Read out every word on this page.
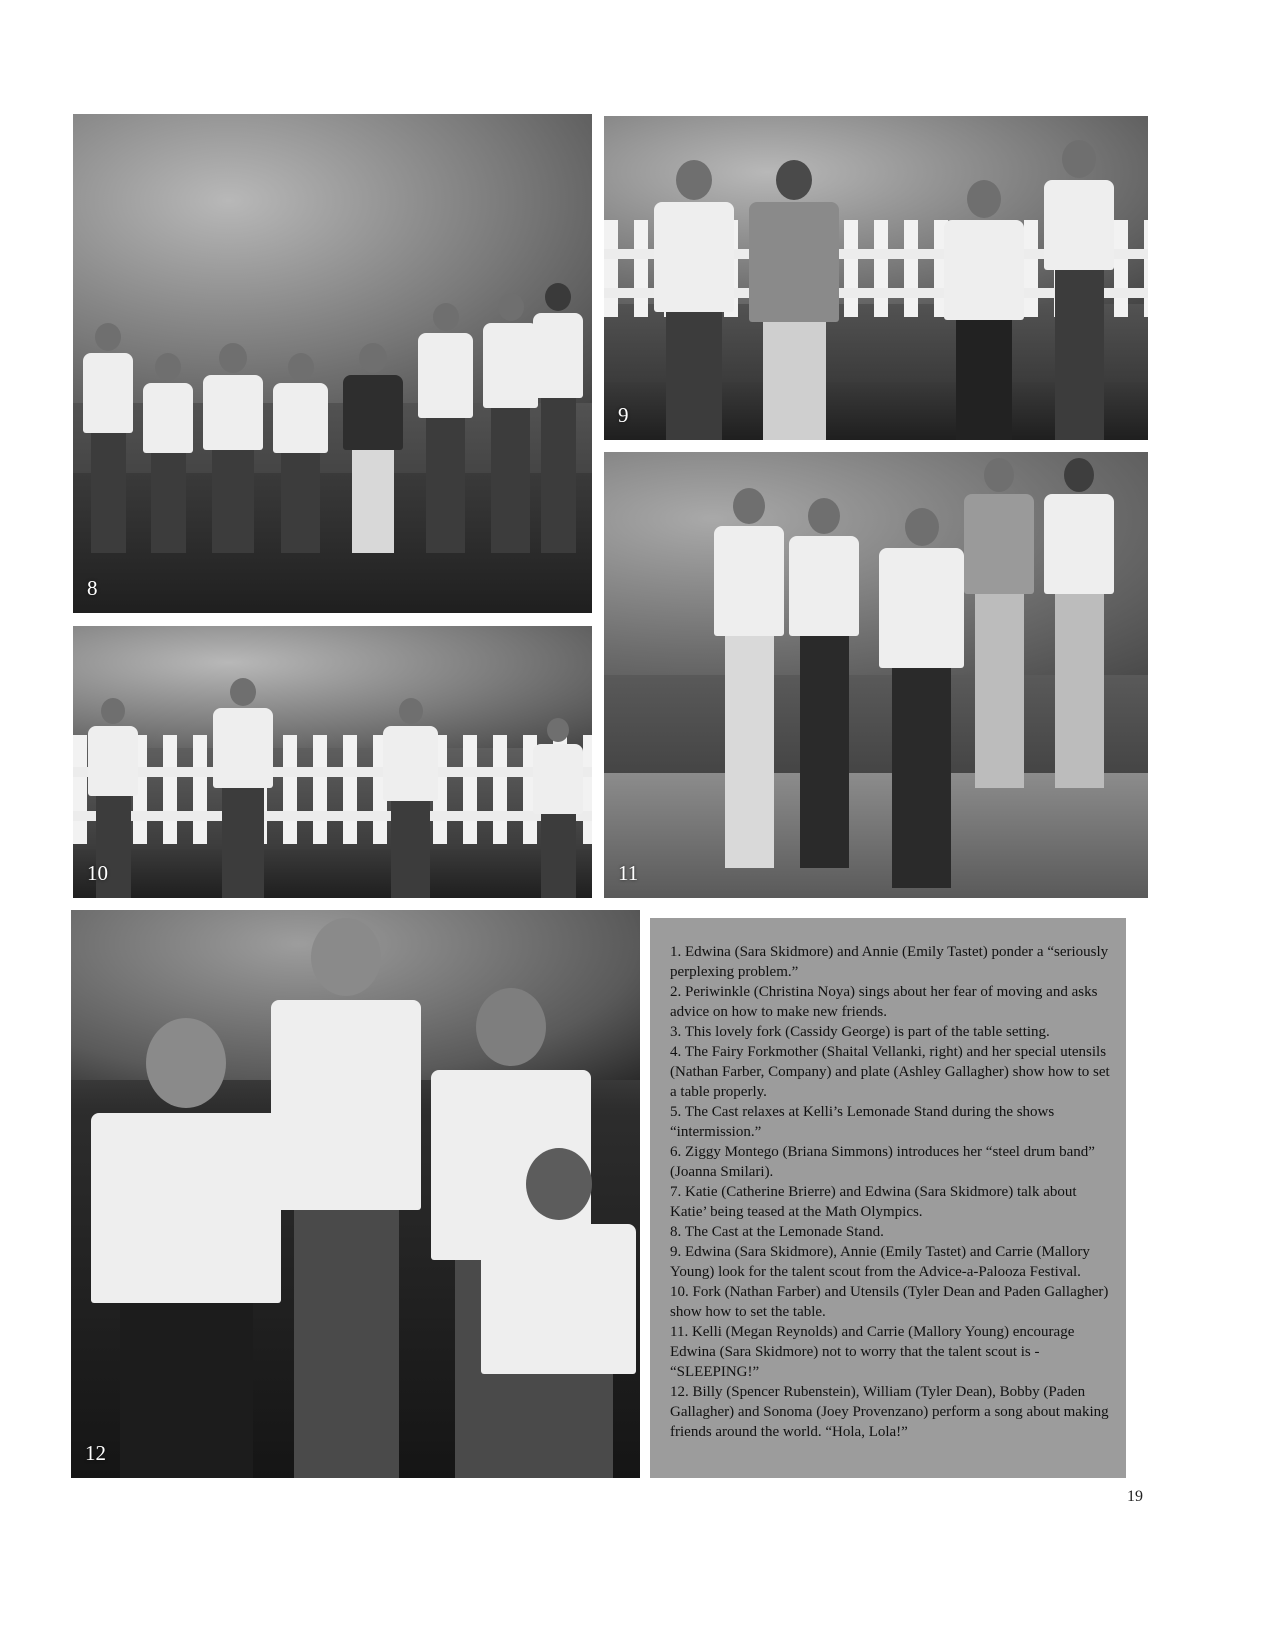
8
9
10	11
12

1. Edwina (Sara Skidmore) and Annie (Emily Tastet) ponder a “seriously perplexing problem.”

2. Periwinkle (Christina Noya) sings about her fear of moving and asks advice on how to make new friends.

3. This lovely fork (Cassidy George) is part of the table setting.

4. The Fairy Forkmother (Shaital Vellanki, right) and her special utensils (Nathan Farber, Company) and plate (Ashley Gallagher) show how to set a table properly.

5. The Cast relaxes at Kelli’s Lemonade Stand during the shows “intermission.”

6. Ziggy Montego (Briana Simmons) introduces her “steel drum band” (Joanna Smilari).

7. Katie (Catherine Brierre) and Edwina (Sara Skidmore) talk about Katie’ being teased at the Math Olympics.

8. The Cast at the Lemonade Stand.

9. Edwina (Sara Skidmore), Annie (Emily Tastet) and Carrie (Mallory Young) look for the talent scout from the Advice-a-Palooza Festival.

10. Fork (Nathan Farber) and Utensils (Tyler Dean and Paden Gallagher) show how to set the table.

11. Kelli (Megan Reynolds) and Carrie (Mallory Young) encourage Edwina (Sara Skidmore) not to worry that the talent scout is - “SLEEPING!”

12. Billy (Spencer Rubenstein), William (Tyler Dean), Bobby (Paden Gallagher) and Sonoma (Joey Provenzano) perform a song about making friends around the world. “Hola, Lola!”

19
